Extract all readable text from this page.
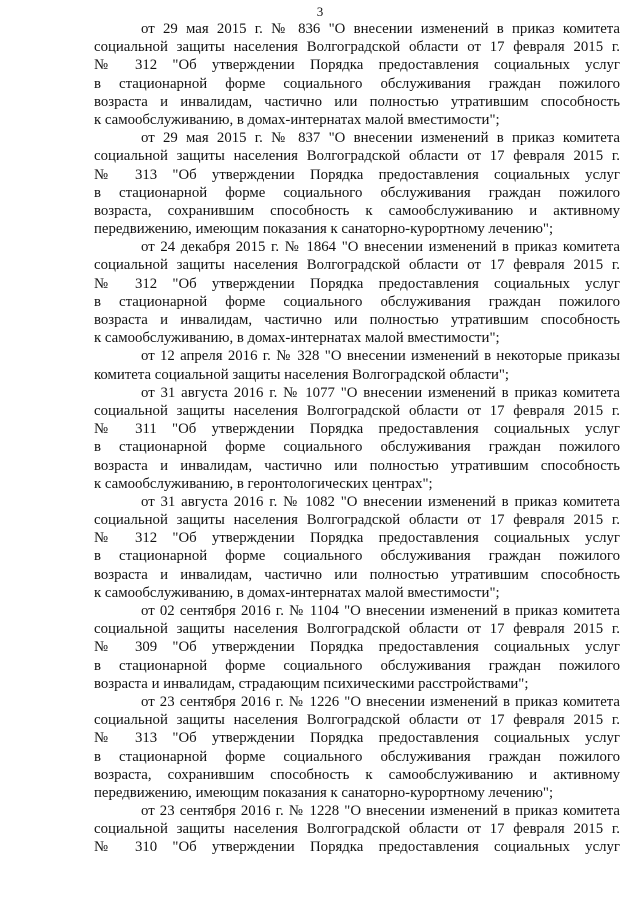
3
от 29 мая 2015 г. № 836 "О внесении изменений в приказ комитета
социальной защиты населения Волгоградской области от 17 февраля 2015 г.
№ 312 "Об утверждении Порядка предоставления социальных услуг
в стационарной форме социального обслуживания граждан пожилого
возраста и инвалидам, частично или полностью утратившим способность
к самообслуживанию, в домах-интернатах малой вместимости";
от 29 мая 2015 г. № 837 "О внесении изменений в приказ комитета
социальной защиты населения Волгоградской области от 17 февраля 2015 г.
№ 313 "Об утверждении Порядка предоставления социальных услуг
в стационарной форме социального обслуживания граждан пожилого
возраста, сохранившим способность к самообслуживанию и активному
передвижению, имеющим показания к санаторно-курортному лечению";
от 24 декабря 2015 г. № 1864 "О внесении изменений в приказ комитета
социальной защиты населения Волгоградской области от 17 февраля 2015 г.
№ 312 "Об утверждении Порядка предоставления социальных услуг
в стационарной форме социального обслуживания граждан пожилого
возраста и инвалидам, частично или полностью утратившим способность
к самообслуживанию, в домах-интернатах малой вместимости";
от 12 апреля 2016 г. № 328 "О внесении изменений в некоторые приказы
комитета социальной защиты населения Волгоградской области";
от 31 августа 2016 г. № 1077 "О внесении изменений в приказ комитета
социальной защиты населения Волгоградской области от 17 февраля 2015 г.
№ 311 "Об утверждении Порядка предоставления социальных услуг
в стационарной форме социального обслуживания граждан пожилого
возраста и инвалидам, частично или полностью утратившим способность
к самообслуживанию, в геронтологических центрах";
от 31 августа 2016 г. № 1082 "О внесении изменений в приказ комитета
социальной защиты населения Волгоградской области от 17 февраля 2015 г.
№ 312 "Об утверждении Порядка предоставления социальных услуг
в стационарной форме социального обслуживания граждан пожилого
возраста и инвалидам, частично или полностью утратившим способность
к самообслуживанию, в домах-интернатах малой вместимости";
от 02 сентября 2016 г. № 1104 "О внесении изменений в приказ комитета
социальной защиты населения Волгоградской области от 17 февраля 2015 г.
№ 309 "Об утверждении Порядка предоставления социальных услуг
в стационарной форме социального обслуживания граждан пожилого
возраста и инвалидам, страдающим психическими расстройствами";
от 23 сентября 2016 г. № 1226 "О внесении изменений в приказ комитета
социальной защиты населения Волгоградской области от 17 февраля 2015 г.
№ 313 "Об утверждении Порядка предоставления социальных услуг
в стационарной форме социального обслуживания граждан пожилого
возраста, сохранившим способность к самообслуживанию и активному
передвижению, имеющим показания к санаторно-курортному лечению";
от 23 сентября 2016 г. № 1228 "О внесении изменений в приказ комитета
социальной защиты населения Волгоградской области от 17 февраля 2015 г.
№ 310 "Об утверждении Порядка предоставления социальных услуг
